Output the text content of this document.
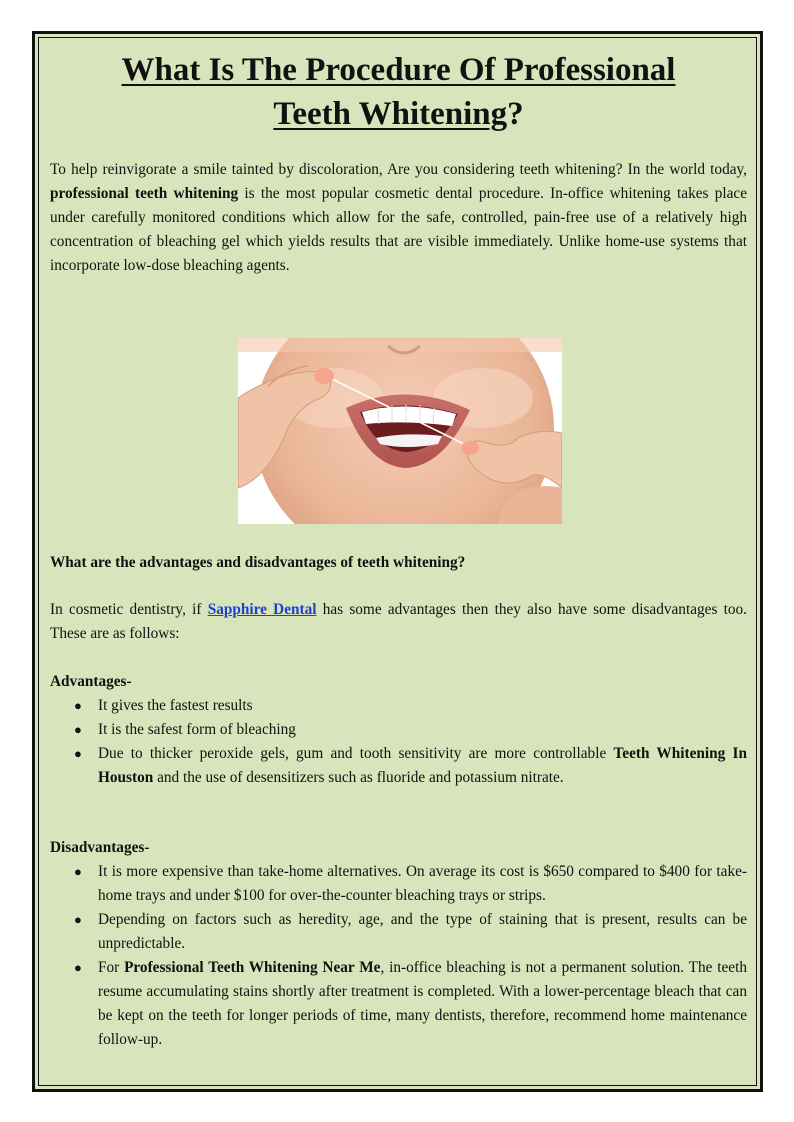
What Is The Procedure Of Professional
Teeth Whitening?

To help reinvigorate a smile tainted by discoloration, Are you considering teeth whitening? In the world today, professional teeth whitening is the most popular cosmetic dental procedure. In-office whitening takes place under carefully monitored conditions which allow for the safe, controlled, pain-free use of a relatively high concentration of bleaching gel which yields results that are visible immediately. Unlike home-use systems that incorporate low-dose bleaching agents.

What are the advantages and disadvantages of teeth whitening?

In cosmetic dentistry, if Sapphire Dental has some advantages then they also have some disadvantages too. These are as follows:

Advantages-
● It gives the fastest results
● It is the safest form of bleaching
● Due to thicker peroxide gels, gum and tooth sensitivity are more controllable Teeth Whitening In Houston and the use of desensitizers such as fluoride and potassium nitrate.
Disadvantages-
● It is more expensive than take-home alternatives. On average its cost is $650 compared to $400 for take-home trays and under $100 for over-the-counter bleaching trays or strips.
● Depending on factors such as heredity, age, and the type of staining that is present, results can be unpredictable.
● For Professional Teeth Whitening Near Me, in-office bleaching is not a permanent solution. The teeth resume accumulating stains shortly after treatment is completed. With a lower-percentage bleach that can be kept on the teeth for longer periods of time, many dentists, therefore, recommend home maintenance follow-up.
